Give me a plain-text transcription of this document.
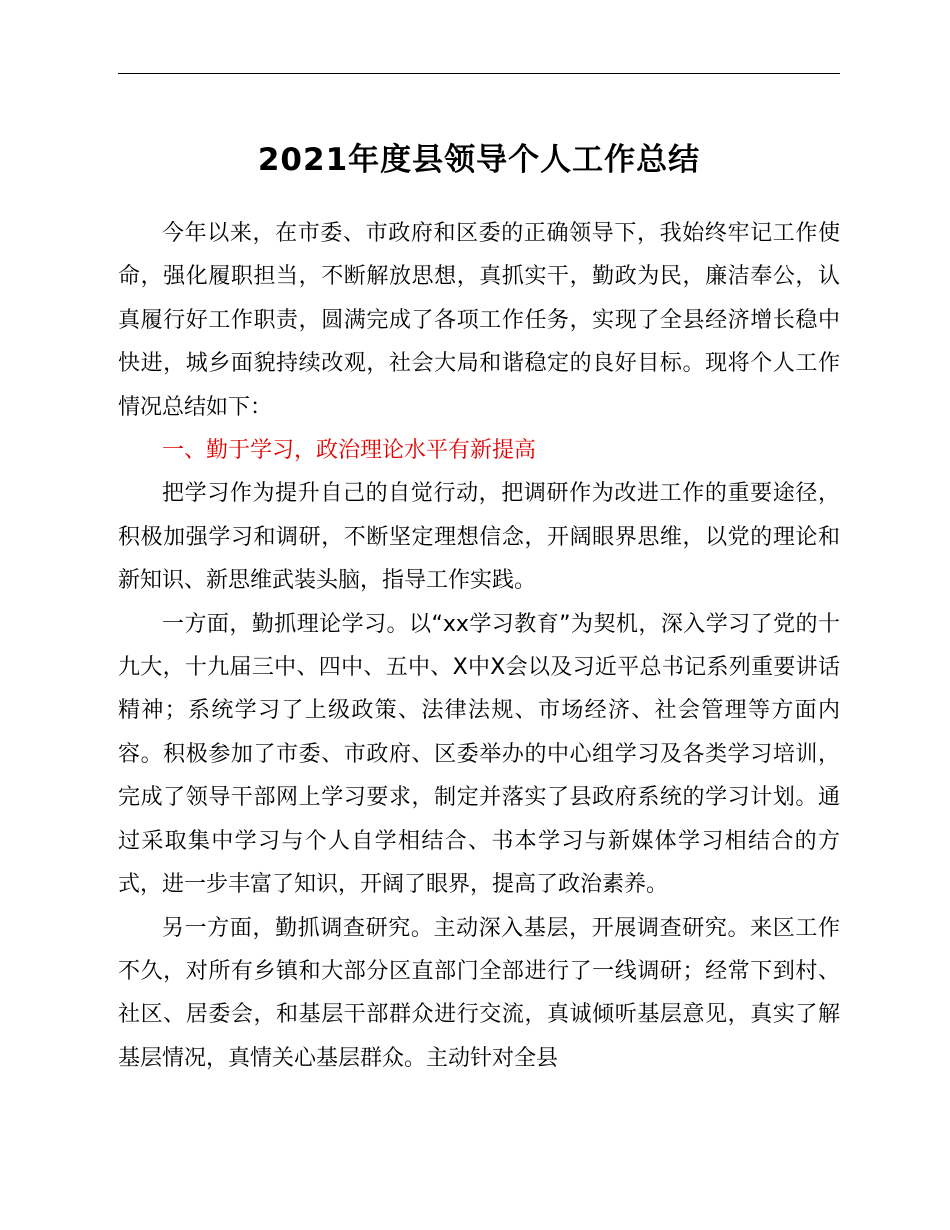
2021年度县领导个人工作总结

今年以来，在市委、市政府和区委的正确领导下，我始终牢记工作使命，强化履职担当，不断解放思想，真抓实干，勤政为民，廉洁奉公，认真履行好工作职责，圆满完成了各项工作任务，实现了全县经济增长稳中快进，城乡面貌持续改观，社会大局和谐稳定的良好目标。现将个人工作情况总结如下：

一、勤于学习，政治理论水平有新提高

把学习作为提升自己的自觉行动，把调研作为改进工作的重要途径，积极加强学习和调研，不断坚定理想信念，开阔眼界思维，以党的理论和新知识、新思维武装头脑，指导工作实践。

一方面，勤抓理论学习。以“xx学习教育”为契机，深入学习了党的十九大，十九届三中、四中、五中、X中X会以及习近平总书记系列重要讲话精神；系统学习了上级政策、法律法规、市场经济、社会管理等方面内容。积极参加了市委、市政府、区委举办的中心组学习及各类学习培训，完成了领导干部网上学习要求，制定并落实了县政府系统的学习计划。通过采取集中学习与个人自学相结合、书本学习与新媒体学习相结合的方式，进一步丰富了知识，开阔了眼界，提高了政治素养。

另一方面，勤抓调查研究。主动深入基层，开展调查研究。来区工作不久，对所有乡镇和大部分区直部门全部进行了一线调研；经常下到村、社区、居委会，和基层干部群众进行交流，真诚倾听基层意见，真实了解基层情况，真情关心基层群众。主动针对全县
